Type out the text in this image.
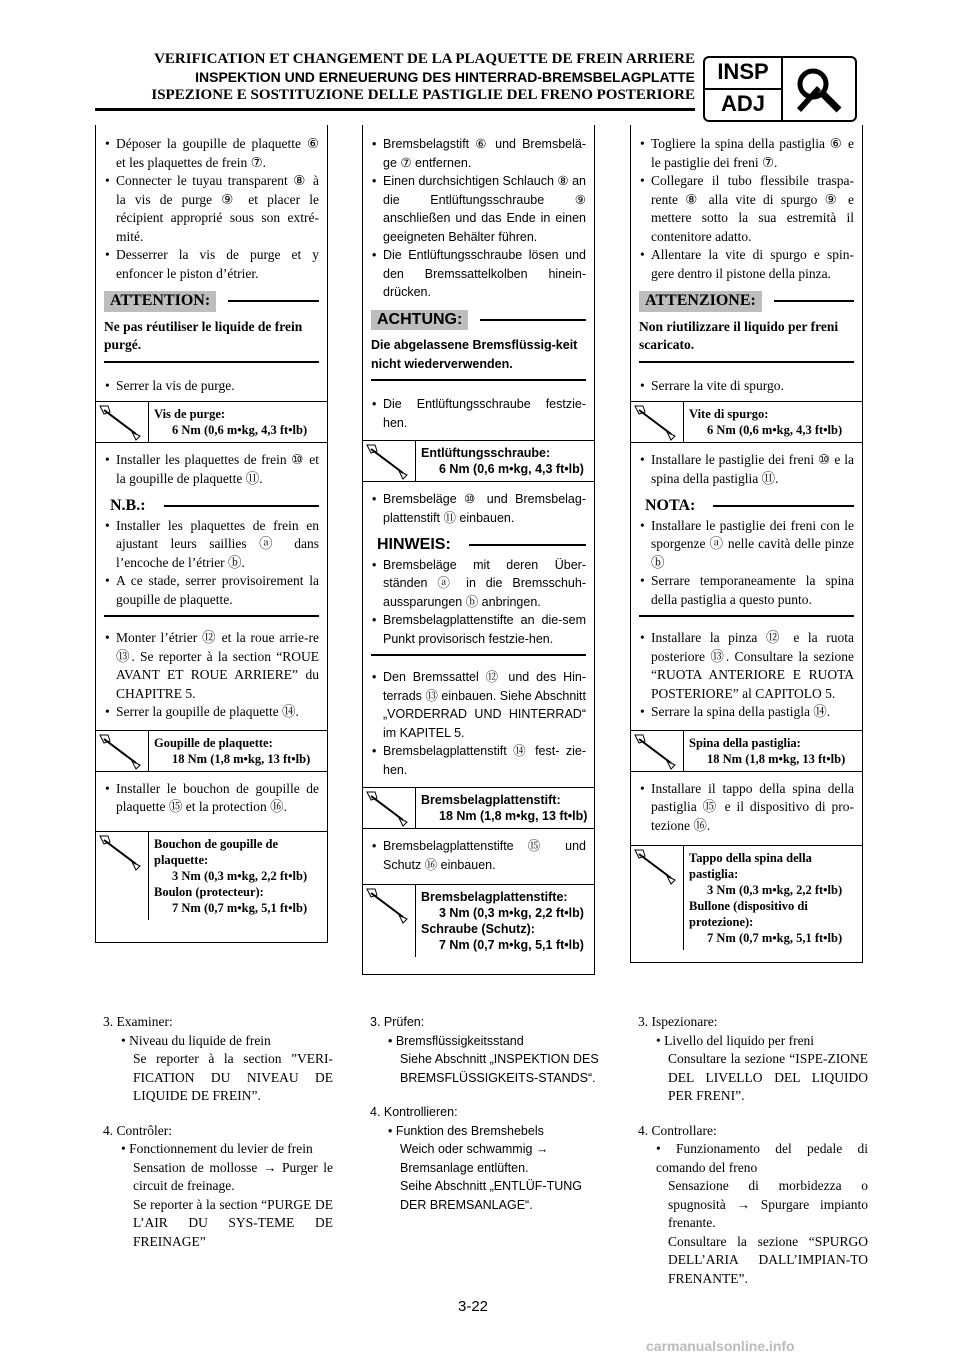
VERIFICATION ET CHANGEMENT DE LA PLAQUETTE DE FREIN ARRIERE
INSPEKTION UND ERNEUERUNG DES HINTERRAD-BREMSBELAGPLATTE
ISPEZIONE E SOSTITUZIONE DELLE PASTIGLIE DEL FRENO POSTERIORE
INSP
ADJ
• Déposer la goupille de plaquette ⑥ et les plaquettes de frein ⑦.
• Connecter le tuyau transparent ⑧ à la vis de purge ⑨ et placer le récipient approprié sous son extré-mité.
• Desserrer la vis de purge et y enfoncer le piston d’étrier.
ATTENTION:
Ne pas réutiliser le liquide de frein purgé.
• Serrer la vis de purge.
Vis de purge:
6 Nm (0,6 m•kg, 4,3 ft•lb)
• Installer les plaquettes de frein ⑩ et la goupille de plaquette ⑪.
N.B.:
• Installer les plaquettes de frein en ajustant leurs saillies ⓐ dans l’encoche de l’étrier ⓑ.
• A ce stade, serrer provisoirement la goupille de plaquette.
• Monter l’étrier ⑫ et la roue arrie-re ⑬. Se reporter à la section “ROUE AVANT ET ROUE ARRIERE” du CHAPITRE 5.
• Serrer la goupille de plaquette ⑭.
Goupille de plaquette:
18 Nm (1,8 m•kg, 13 ft•lb)
• Installer le bouchon de goupille de plaquette ⑮ et la protection ⑯.
Bouchon de goupille de plaquette:
3 Nm (0,3 m•kg, 2,2 ft•lb)
Boulon (protecteur):
7 Nm (0,7 m•kg, 5,1 ft•lb)
• Bremsbelagstift ⑥ und Bremsbelä-ge ⑦ entfernen.
• Einen durchsichtigen Schlauch ⑧ an die Entlüftungsschraube ⑨ anschließen und das Ende in einen geeigneten Behälter führen.
• Die Entlüftungsschraube lösen und den Bremssattelkolben hinein-drücken.
ACHTUNG:
Die abgelassene Bremsflüssig-keit nicht wiederverwenden.
• Die Entlüftungsschraube festzie-hen.
Entlüftungsschraube:
6 Nm (0,6 m•kg, 4,3 ft•lb)
• Bremsbeläge ⑩ und Bremsbelag-plattenstift ⑪ einbauen.
HINWEIS:
• Bremsbeläge mit deren Über-ständen ⓐ in die Bremsschuh-aussparungen ⓑ anbringen.
• Bremsbelagplattenstifte an die-sem Punkt provisorisch festzie-hen.
• Den Bremssattel ⑫ und des Hin-terrads ⑬ einbauen. Siehe Abschnitt „VORDERRAD UND HINTERRAD“ im KAPITEL 5.
• Bremsbelagplattenstift ⑭ fest- zie-hen.
Bremsbelagplattenstift:
18 Nm (1,8 m•kg, 13 ft•lb)
• Bremsbelagplattenstifte ⑮ und Schutz ⑯ einbauen.
Bremsbelagplattenstifte:
3 Nm (0,3 m•kg, 2,2 ft•lb)
Schraube (Schutz):
7 Nm (0,7 m•kg, 5,1 ft•lb)
• Togliere la spina della pastiglia ⑥ e le pastiglie dei freni ⑦.
• Collegare il tubo flessibile traspa-rente ⑧ alla vite di spurgo ⑨ e mettere sotto la sua estremità il contenitore adatto.
• Allentare la vite di spurgo e spin-gere dentro il pistone della pinza.
ATTENZIONE:
Non riutilizzare il liquido per freni scaricato.
• Serrare la vite di spurgo.
Vite di spurgo:
6 Nm (0,6 m•kg, 4,3 ft•lb)
• Installare le pastiglie dei freni ⑩ e la spina della pastiglia ⑪.
NOTA:
• Installare le pastiglie dei freni con le sporgenze ⓐ nelle cavità delle pinze ⓑ
• Serrare temporaneamente la spina della pastiglia a questo punto.
• Installare la pinza ⑫ e la ruota posteriore ⑬. Consultare la sezione “RUOTA ANTERIORE E RUOTA POSTERIORE” al CAPITOLO 5.
• Serrare la spina della pastigla ⑭.
Spina della pastiglia:
18 Nm (1,8 m•kg, 13 ft•lb)
• Installare il tappo della spina della pastiglia ⑮ e il dispositivo di pro-tezione ⑯.
Tappo della spina della pastiglia:
3 Nm (0,3 m•kg, 2,2 ft•lb)
Bullone (dispositivo di protezione):
7 Nm (0,7 m•kg, 5,1 ft•lb)
3. Examiner:
• Niveau du liquide de frein
Se reporter à la section ”VERI-FICATION DU NIVEAU DE LIQUIDE DE FREIN”.
4. Contrôler:
• Fonctionnement du levier de frein
Sensation de mollosse → Purger le circuit de freinage.
Se reporter à la section “PURGE DE L’AIR DU SYS-TEME DE FREINAGE”
3. Prüfen:
• Bremsflüssigkeitsstand
Siehe Abschnitt „INSPEKTION DES BREMSFLÜSSIGKEITS-STANDS“.
4. Kontrollieren:
• Funktion des Bremshebels
Weich oder schwammig → Bremsanlage entlüften.
Seihe Abschnitt „ENTLÜF-TUNG DER BREMSANLAGE“.
3. Ispezionare:
• Livello del liquido per freni
Consultare la sezione “ISPE-ZIONE DEL LIVELLO DEL LIQUIDO PER FRENI”.
4. Controllare:
• Funzionamento del pedale di comando del freno
Sensazione di morbidezza o spugnosità → Spurgare impianto frenante.
Consultare la sezione “SPURGO DELL’ARIA DALL’IMPIAN-TO FRENANTE”.
3-22
carmanualsonline.info
